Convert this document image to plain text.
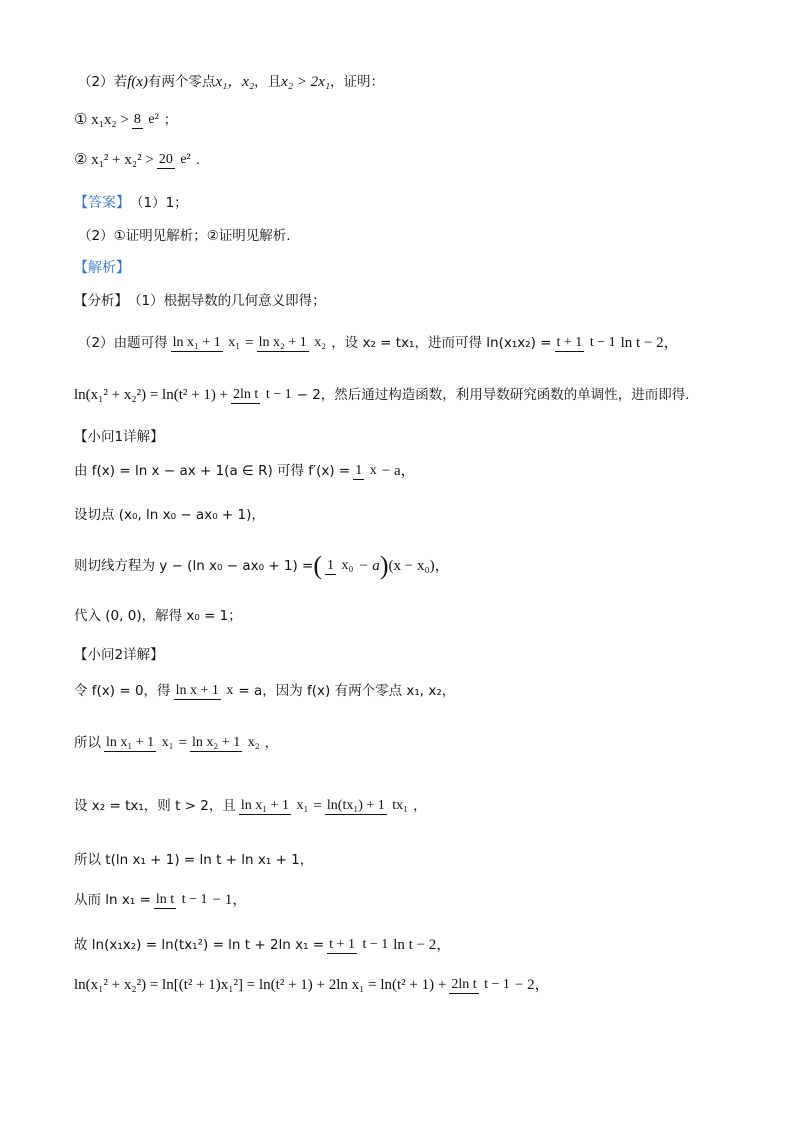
（2）若 f(x) 有两个零点 x₁，x₂ ，且 x₂ > 2x₁ ，证明：
① x₁x₂ > 8 e² ；
② x₁² + x₂² > 20 e² .
【答案】 （1）1；
（2）①证明见解析；②证明见解析.
【解析】
【分析】 （1）根据导数的几何意义即得；
（2）由题可得 ln x₁ + 1 x₁ = ln x₂ + 1 x₂ ，设 x₂ = tx₁，进而可得 ln(x₁x₂) = t + 1 t − 1 ln t − 2，
ln(x₁² + x₂²) = ln(t² + 1) + 2ln t t − 1 − 2，然后通过构造函数，利用导数研究函数的单调性，进而即得.
【小问1详解】
由 f(x) = ln x − ax + 1(a ∈ R) 可得 f′(x) = 1 x − a，
设切点 (x₀, ln x₀ − ax₀ + 1)，
则切线方程为 y − (ln x₀ − ax₀ + 1) = ( 1 x₀ − a ) (x − x₀)，
代入 (0, 0)，解得 x₀ = 1；
【小问2详解】
令 f(x) = 0，得 ln x + 1 x = a，因为 f(x) 有两个零点 x₁, x₂，
所以 ln x₁ + 1 x₁ = ln x₂ + 1 x₂ ，
设 x₂ = tx₁，则 t > 2，且 ln x₁ + 1 x₁ = ln(tx₁) + 1 tx₁ ，
所以 t(ln x₁ + 1) = ln t + ln x₁ + 1，
从而 ln x₁ = ln t t − 1 − 1，
故 ln(x₁x₂) = ln(tx₁²) = ln t + 2ln x₁ = t + 1 t − 1 ln t − 2，
ln(x₁² + x₂²) = ln[(t² + 1)x₁²] = ln(t² + 1) + 2ln x₁ = ln(t² + 1) + 2ln t t − 1 − 2，
